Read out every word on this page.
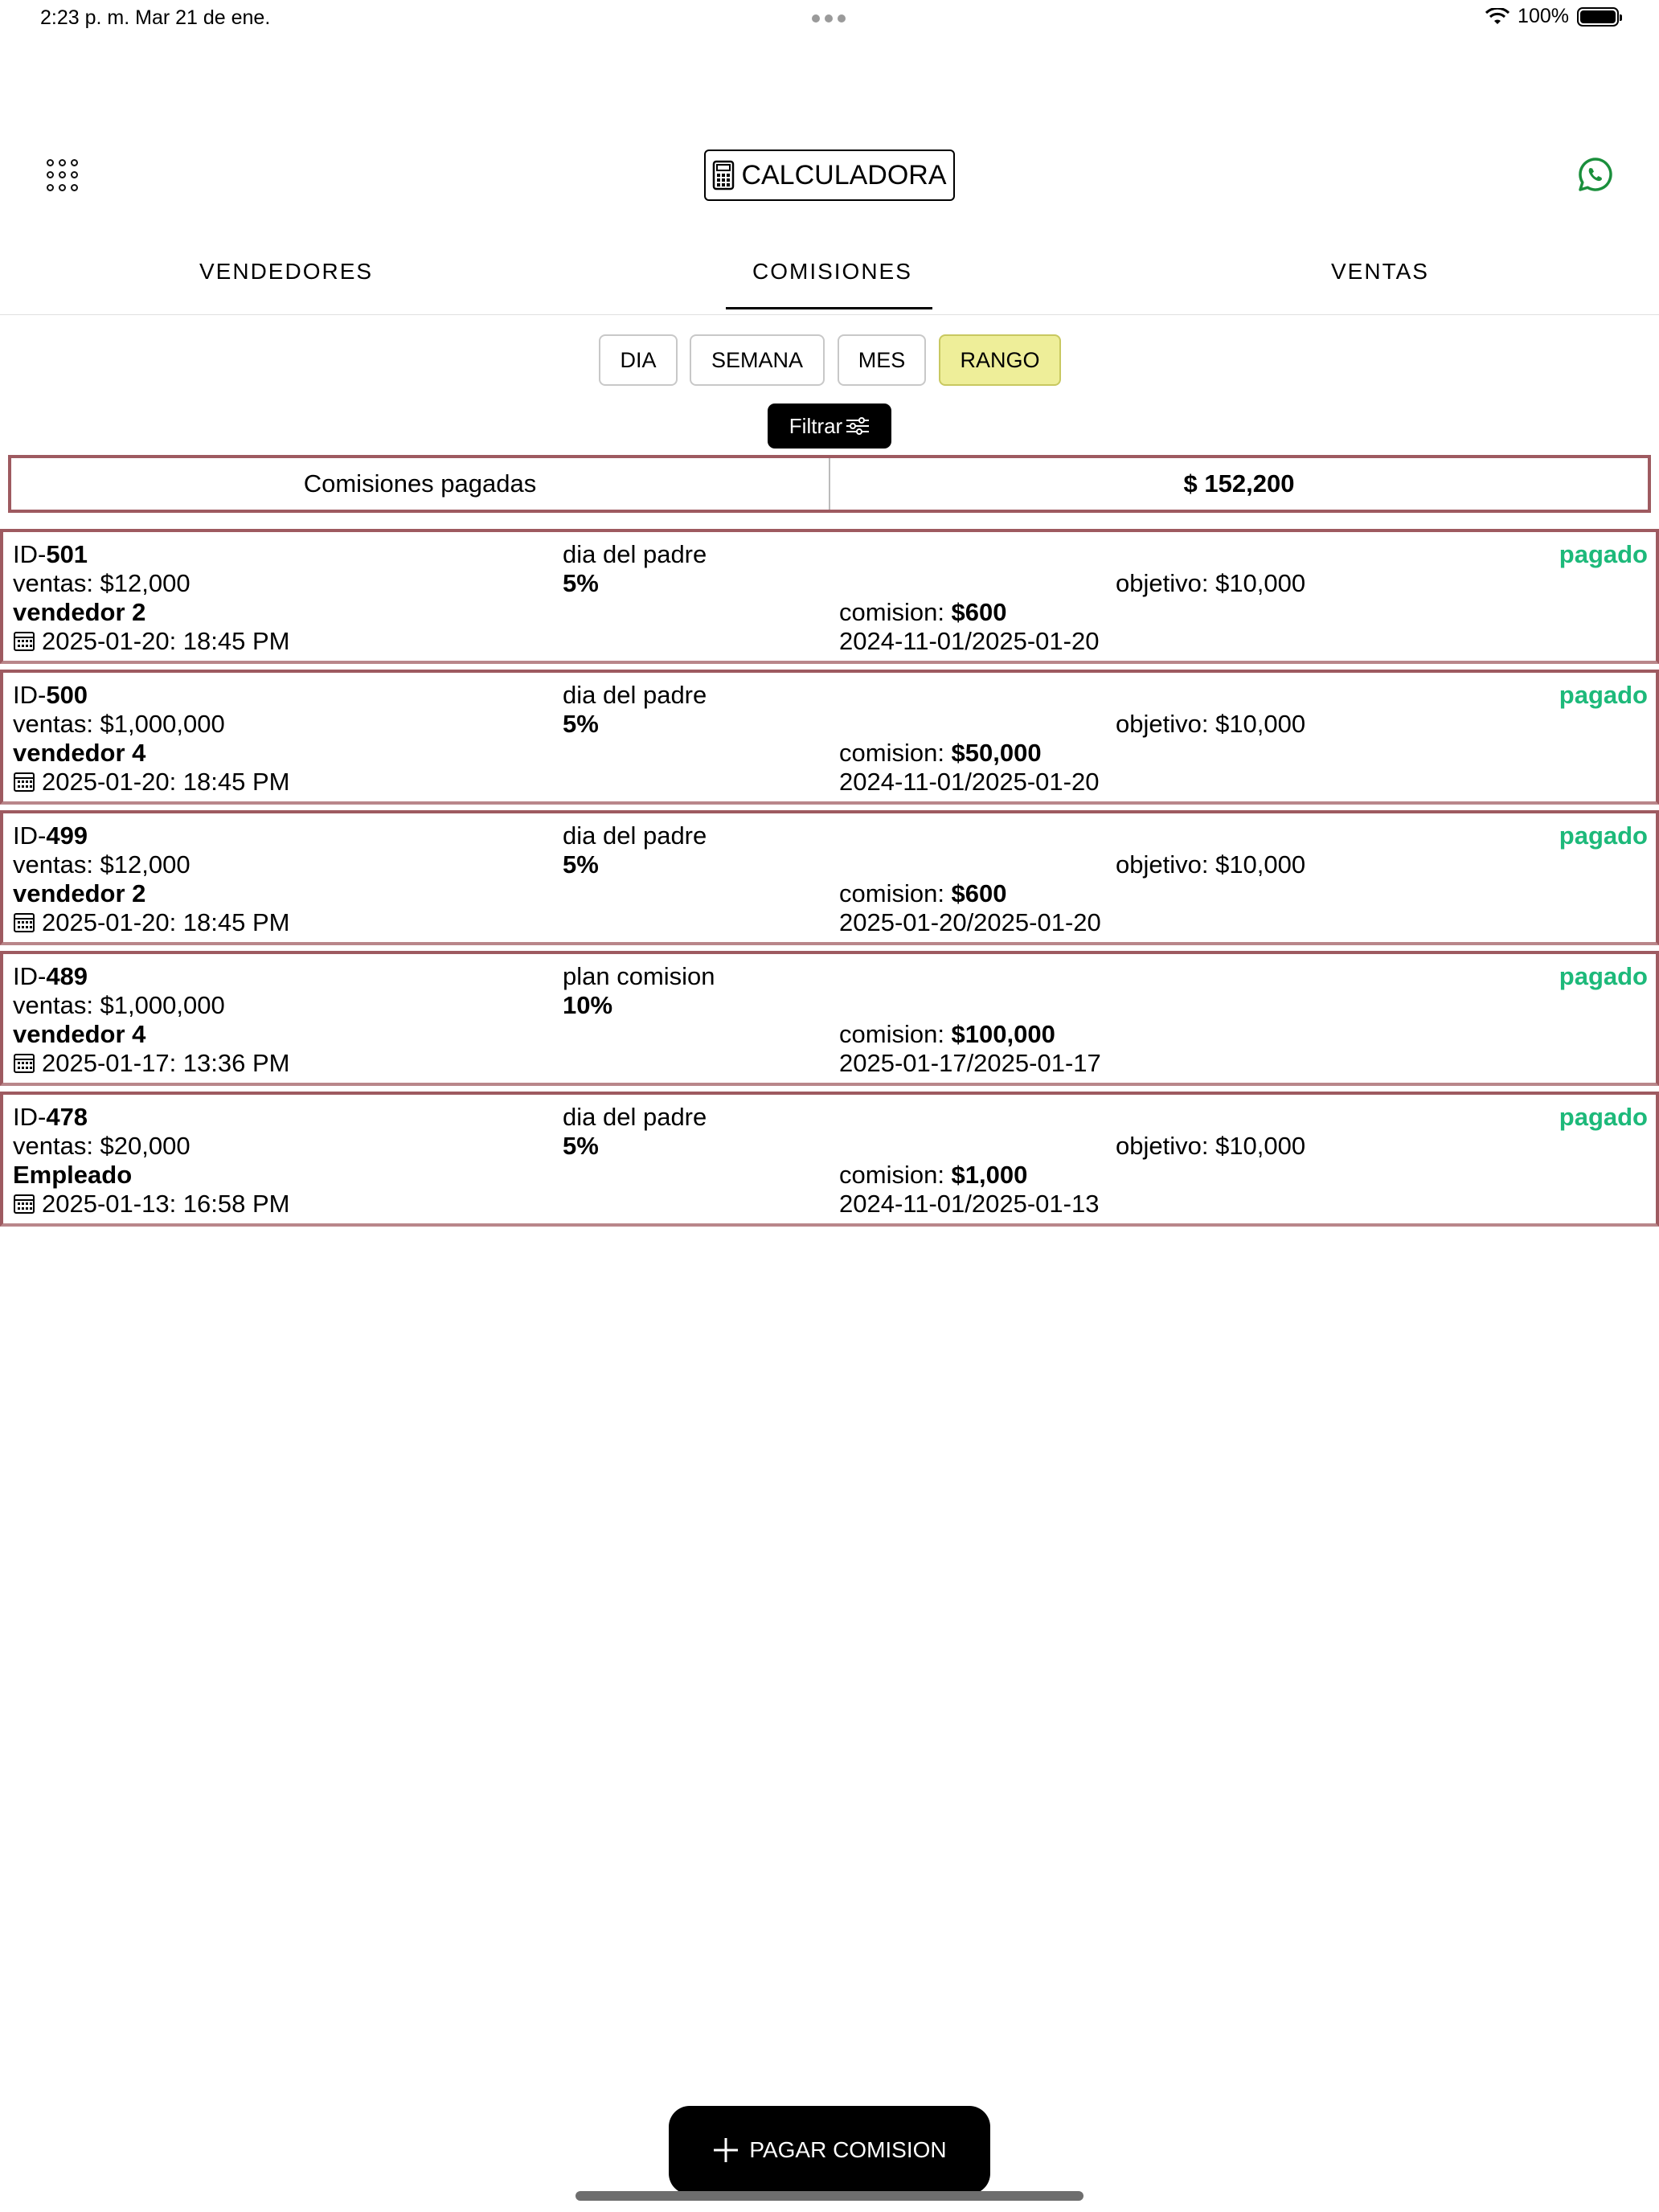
2:23 p. m. Mar 21 de ene.	100%
CALCULADORA
VENDEDORES	COMISIONES	VENTAS
DIA	SEMANA	MES	RANGO
Filtrar
Comisiones pagadas	$ 152,200
ID-501
ventas: $12,000
vendedor 2
2025-01-20: 18:45 PM
dia del padre
5%	objetivo: $10,000
comision: $600
2024-11-01/2025-01-20
pagado
ID-500
ventas: $1,000,000
vendedor 4
2025-01-20: 18:45 PM
dia del padre
5%	objetivo: $10,000
comision: $50,000
2024-11-01/2025-01-20
pagado
ID-499
ventas: $12,000
vendedor 2
2025-01-20: 18:45 PM
dia del padre
5%	objetivo: $10,000
comision: $600
2025-01-20/2025-01-20
pagado
ID-489
ventas: $1,000,000
vendedor 4
2025-01-17: 13:36 PM
plan comision
10%
comision: $100,000
2025-01-17/2025-01-17
pagado
ID-478
ventas: $20,000
Empleado
2025-01-13: 16:58 PM
dia del padre
5%	objetivo: $10,000
comision: $1,000
2024-11-01/2025-01-13
pagado
PAGAR COMISION
